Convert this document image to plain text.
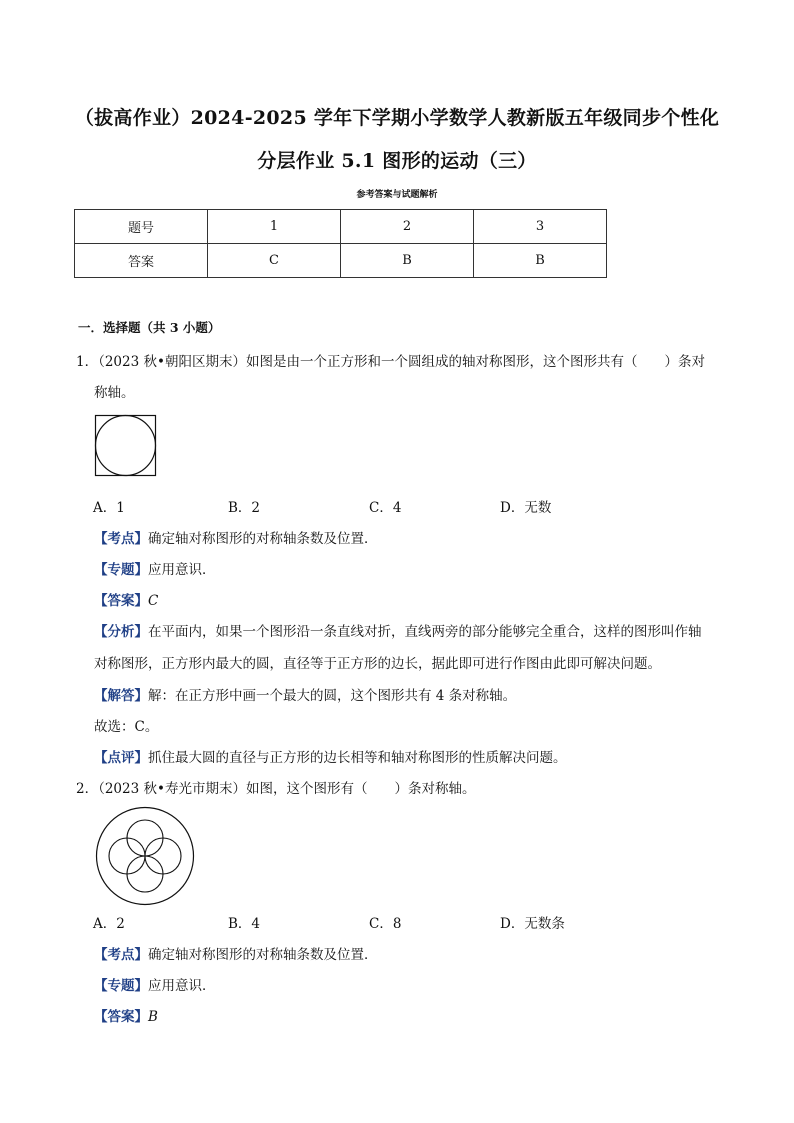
（拔高作业）2024-2025 学年下学期小学数学人教新版五年级同步个性化
分层作业 5.1 图形的运动（三）
参考答案与试题解析
题号	1	2	3
答案	C	B	B
一．选择题（共 3 小题）
1．（2023 秋•朝阳区期末）如图是由一个正方形和一个圆组成的轴对称图形，这个图形共有（　　）条对
称轴。
A．1	B．2	C．4	D．无数
【考点】确定轴对称图形的对称轴条数及位置．
【专题】应用意识．
【答案】C
【分析】在平面内，如果一个图形沿一条直线对折，直线两旁的部分能够完全重合，这样的图形叫作轴
对称图形，正方形内最大的圆，直径等于正方形的边长，据此即可进行作图由此即可解决问题。
【解答】解：在正方形中画一个最大的圆，这个图形共有 4 条对称轴。
故选：C。
【点评】抓住最大圆的直径与正方形的边长相等和轴对称图形的性质解决问题。
2．（2023 秋•寿光市期末）如图，这个图形有（　　）条对称轴。
A．2	B．4	C．8	D．无数条
【考点】确定轴对称图形的对称轴条数及位置．
【专题】应用意识．
【答案】B
